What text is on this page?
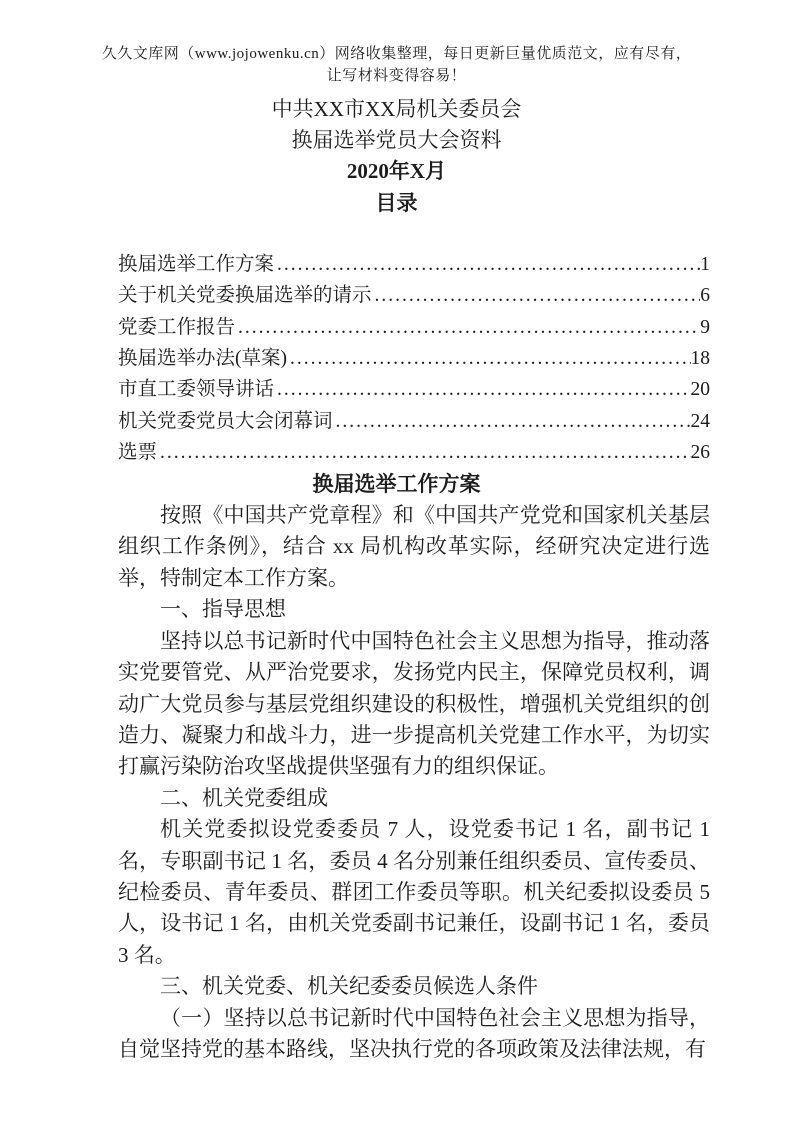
久久文库网（www.jojowenku.cn）网络收集整理，每日更新巨量优质范文，应有尽有，让写材料变得容易！
中共XX市XX局机关委员会
换届选举党员大会资料
2020年X月
目录
换届选举工作方案 .....	1
关于机关党委换届选举的请示 .....	6
党委工作报告 .....	9
换届选举办法(草案) .....	18
市直工委领导讲话 .....	20
机关党委党员大会闭幕词 .....	24
选票 .....	26
换届选举工作方案

按照《中国共产党章程》和《中国共产党党和国家机关基层组织工作条例》，结合 xx 局机构改革实际，经研究决定进行选举，特制定本工作方案。

一、指导思想

坚持以总书记新时代中国特色社会主义思想为指导，推动落实党要管党、从严治党要求，发扬党内民主，保障党员权利，调动广大党员参与基层党组织建设的积极性，增强机关党组织的创造力、凝聚力和战斗力，进一步提高机关党建工作水平，为切实打赢污染防治攻坚战提供坚强有力的组织保证。

二、机关党委组成

机关党委拟设党委委员 7 人，设党委书记 1 名，副书记 1 名，专职副书记 1 名，委员 4 名分别兼任组织委员、宣传委员、纪检委员、青年委员、群团工作委员等职。机关纪委拟设委员 5 人，设书记 1 名，由机关党委副书记兼任，设副书记 1 名，委员 3 名。

三、机关党委、机关纪委委员候选人条件

（一）坚持以总书记新时代中国特色社会主义思想为指导，自觉坚持党的基本路线，坚决执行党的各项政策及法律法规，有
